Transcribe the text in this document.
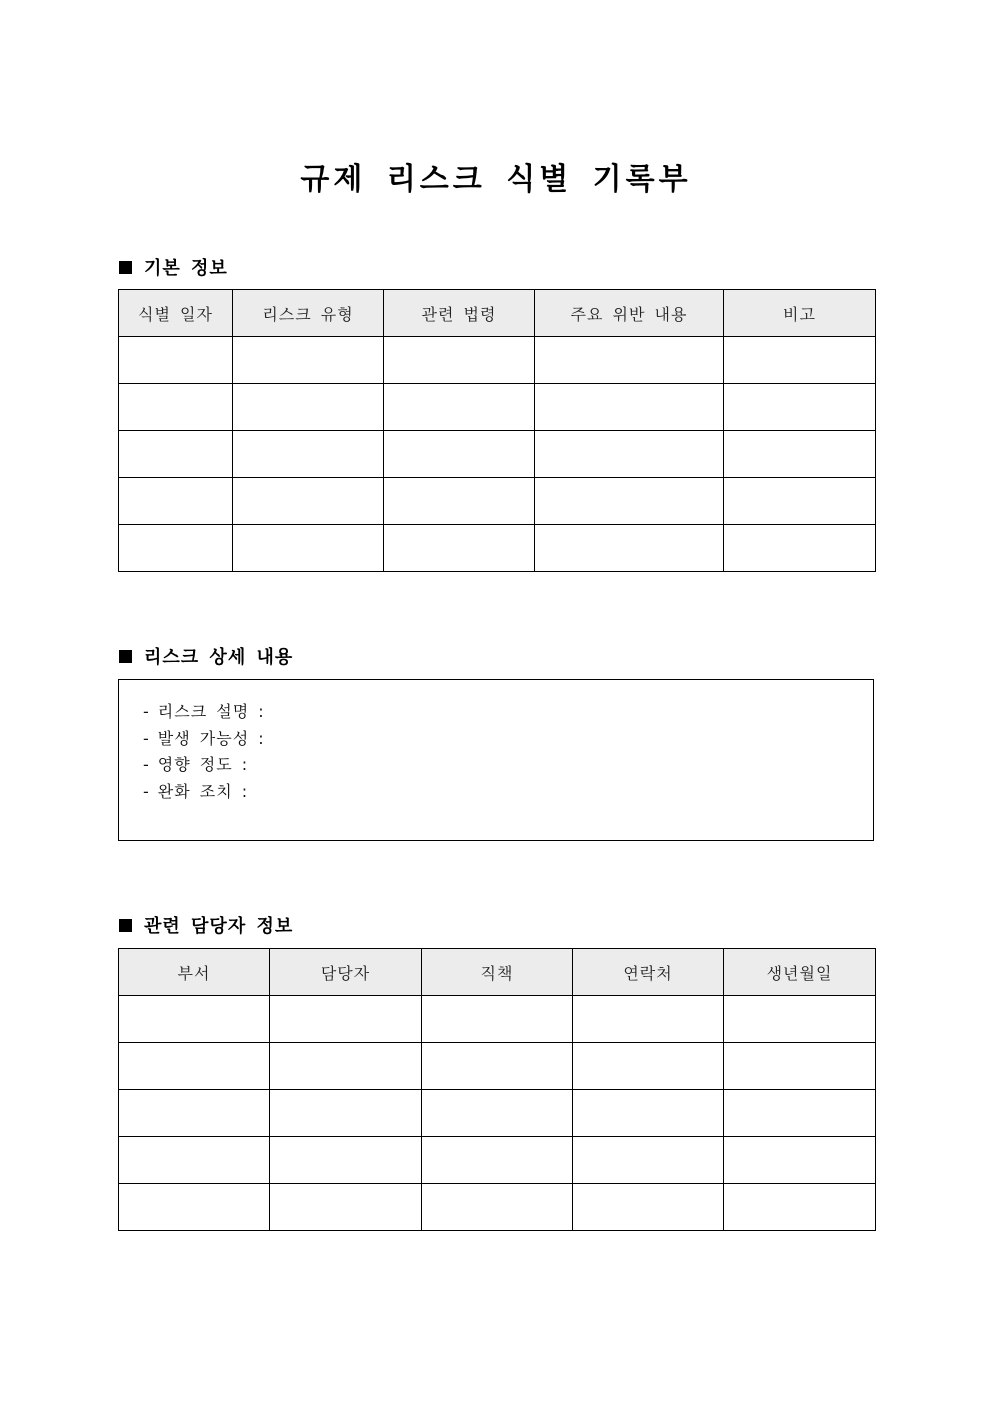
규제 리스크 식별 기록부
기본 정보
식별 일자	리스크 유형	관련 법령	주요 위반 내용	비고

리스크 상세 내용
- 리스크 설명 :
- 발생 가능성 :
- 영향 정도 :
- 완화 조치 :
관련 담당자 정보
부서	담당자	직책	연락처	생년월일
